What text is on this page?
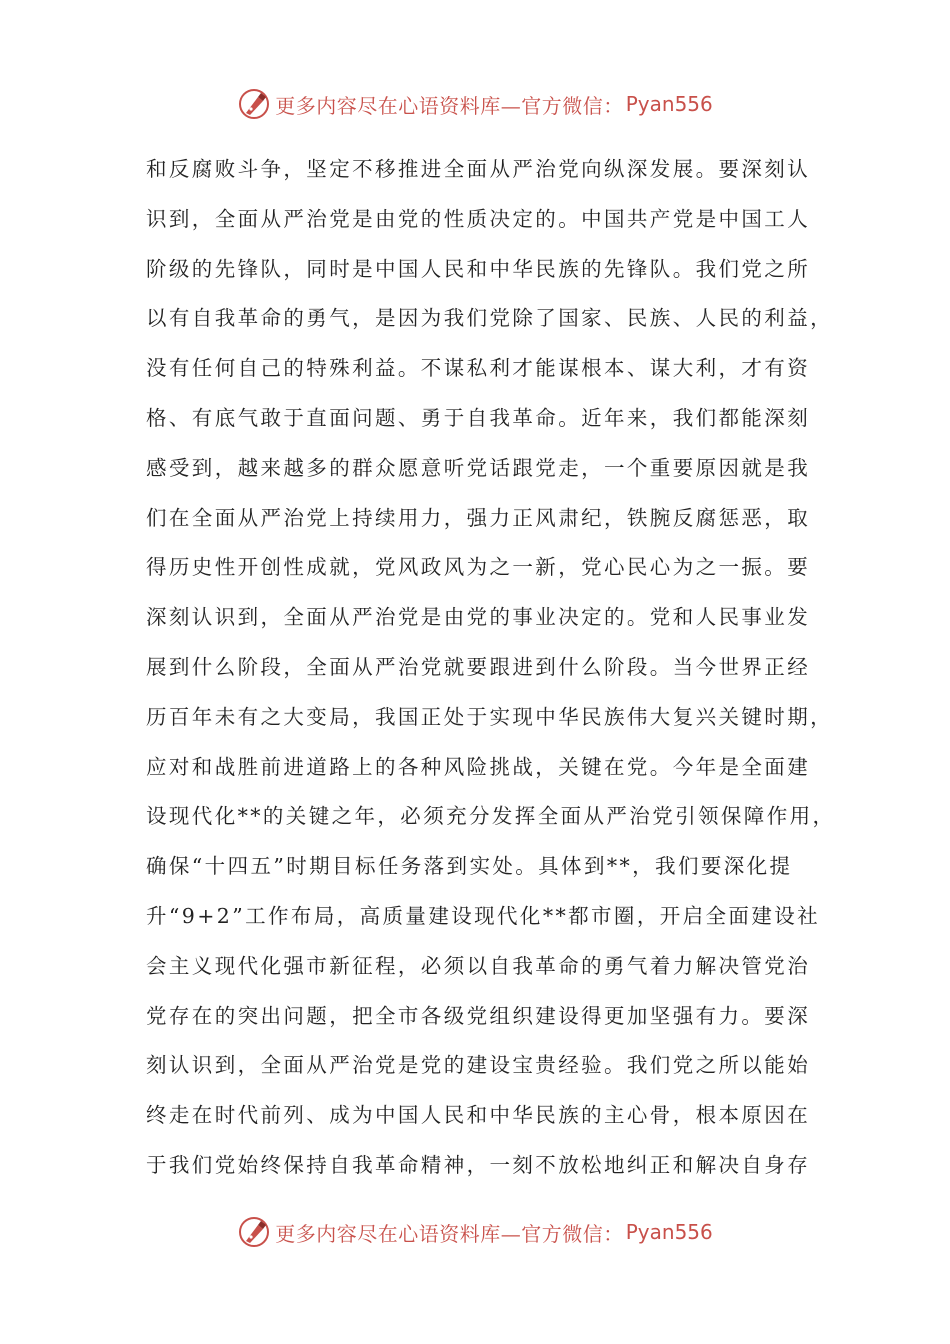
更多内容尽在心语资料库—官方微信： Pyan556
和反腐败斗争，坚定不移推进全面从严治党向纵深发展。要深刻认
识到，全面从严治党是由党的性质决定的。中国共产党是中国工人
阶级的先锋队，同时是中国人民和中华民族的先锋队。我们党之所
以有自我革命的勇气，是因为我们党除了国家、民族、人民的利益，
没有任何自己的特殊利益。不谋私利才能谋根本、谋大利，才有资
格、有底气敢于直面问题、勇于自我革命。近年来，我们都能深刻
感受到，越来越多的群众愿意听党话跟党走，一个重要原因就是我
们在全面从严治党上持续用力，强力正风肃纪，铁腕反腐惩恶，取
得历史性开创性成就，党风政风为之一新，党心民心为之一振。要
深刻认识到，全面从严治党是由党的事业决定的。党和人民事业发
展到什么阶段，全面从严治党就要跟进到什么阶段。当今世界正经
历百年未有之大变局，我国正处于实现中华民族伟大复兴关键时期，
应对和战胜前进道路上的各种风险挑战，关键在党。今年是全面建
设现代化**的关键之年，必须充分发挥全面从严治党引领保障作用，
确保“十四五”时期目标任务落到实处。具体到**，我们要深化提
升“9+2”工作布局，高质量建设现代化**都市圈，开启全面建设社
会主义现代化强市新征程，必须以自我革命的勇气着力解决管党治
党存在的突出问题，把全市各级党组织建设得更加坚强有力。要深
刻认识到，全面从严治党是党的建设宝贵经验。我们党之所以能始
终走在时代前列、成为中国人民和中华民族的主心骨，根本原因在
于我们党始终保持自我革命精神，一刻不放松地纠正和解决自身存
更多内容尽在心语资料库—官方微信： Pyan556
